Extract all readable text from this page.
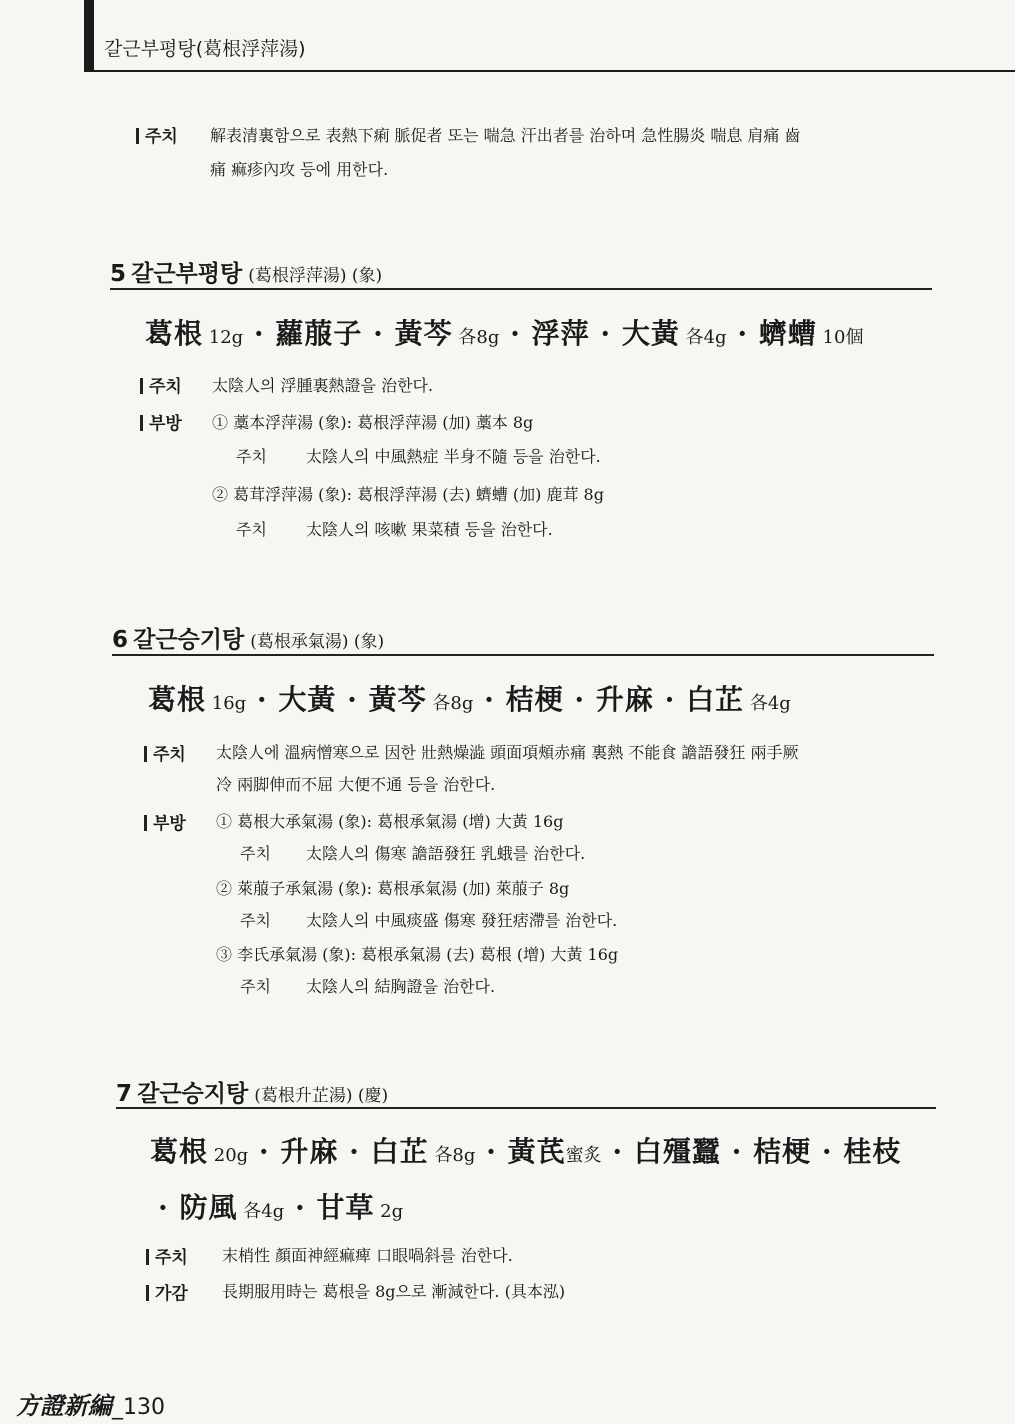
갈근부평탕(葛根浮萍湯)
주치 解表清裏함으로 表熱下痢 脈促者 또는 喘急 汗出者를 治하며 急性腸炎 喘息 肩痛 齒
痛 痲疹內攻 등에 用한다.
5 갈근부평탕 (葛根浮萍湯) (象)
葛根 12g · 蘿菔子 · 黃芩 各8g · 浮萍 · 大黃 各4g · 蠐螬 10個
주치 太陰人의 浮腫裏熱證을 治한다.
부방 ① 藁本浮萍湯 (象): 葛根浮萍湯 (加) 藁本 8g
주치 太陰人의 中風熱症 半身不隨 등을 治한다.
② 葛茸浮萍湯 (象): 葛根浮萍湯 (去) 蠐螬 (加) 鹿茸 8g
주치 太陰人의 咳嗽 果菜積 등을 治한다.
6 갈근승기탕 (葛根承氣湯) (象)
葛根 16g · 大黃 · 黃芩 各8g · 桔梗 · 升麻 · 白芷 各4g
주치 太陰人에 溫病憎寒으로 因한 壯熱燥澁 頭面項頰赤痛 裏熱 不能食 譫語發狂 兩手厥
冷 兩脚伸而不屈 大便不通 등을 治한다.
부방 ① 葛根大承氣湯 (象): 葛根承氣湯 (增) 大黃 16g
주치 太陰人의 傷寒 譫語發狂 乳蛾를 治한다.
② 萊菔子承氣湯 (象): 葛根承氣湯 (加) 萊菔子 8g
주치 太陰人의 中風痰盛 傷寒 發狂痞滯를 治한다.
③ 李氏承氣湯 (象): 葛根承氣湯 (去) 葛根 (增) 大黃 16g
주치 太陰人의 結胸證을 治한다.
7 갈근승지탕 (葛根升芷湯) (慶)
葛根 20g · 升麻 · 白芷 各8g · 黃芪蜜炙 · 白殭蠶 · 桔梗 · 桂枝
· 防風 各4g · 甘草 2g
주치 末梢性 顏面神經痲痺 口眼喎斜를 治한다.
가감 長期服用時는 葛根을 8g으로 漸減한다. (具本泓)
方證新編_130
